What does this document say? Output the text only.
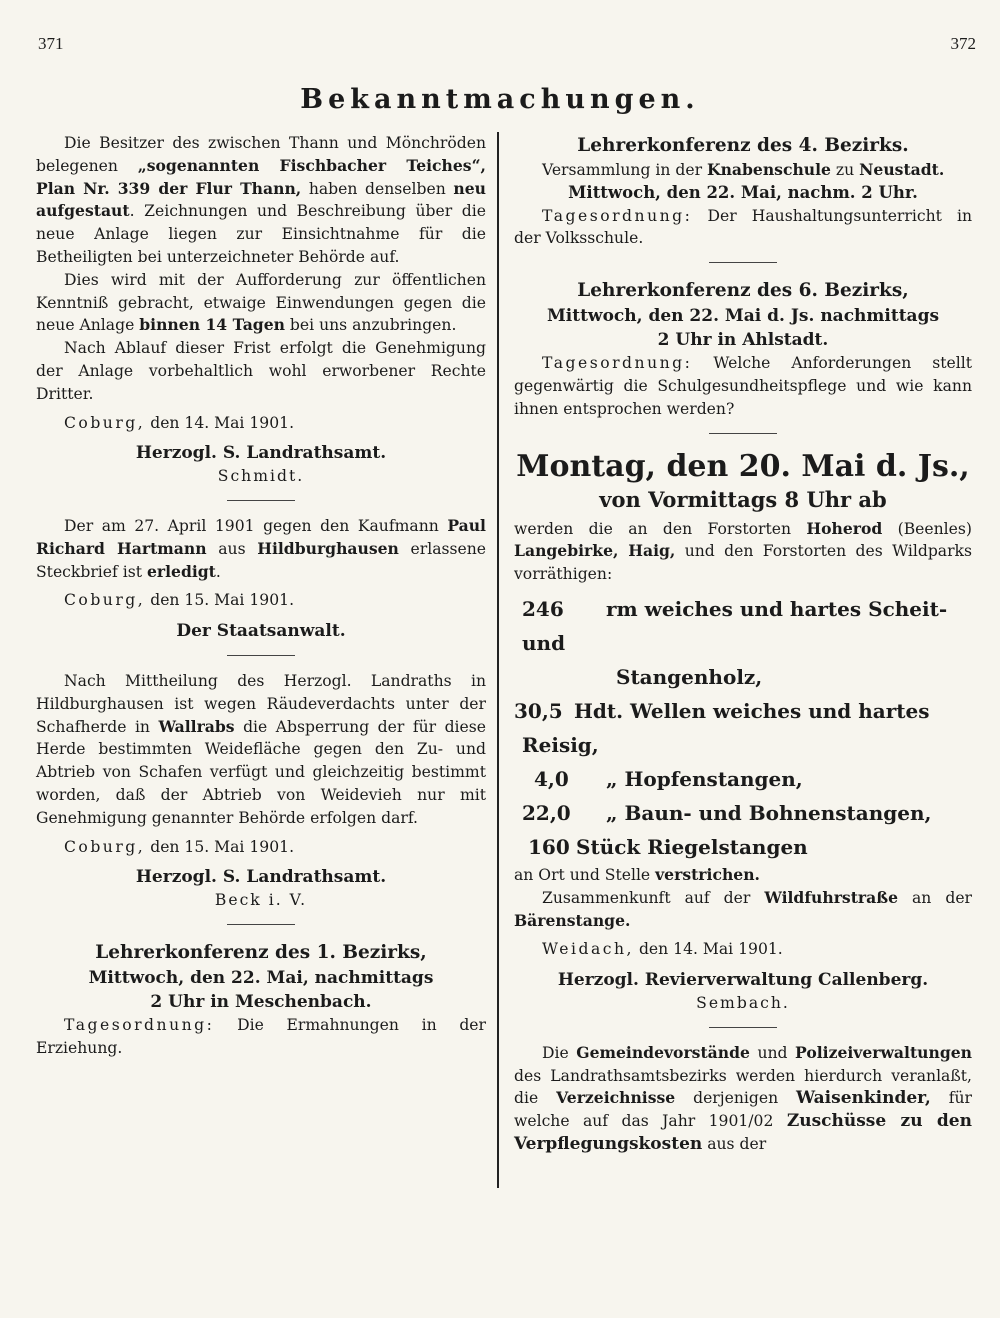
371	372
Bekanntmachungen.

Die Besitzer des zwischen Thann und Mönchröden belegenen „sogenannten Fischbacher Teiches“, Plan Nr. 339 der Flur Thann, haben denselben neu aufgestaut. Zeichnungen und Beschreibung über die neue Anlage liegen zur Einsichtnahme für die Betheiligten bei unterzeichneter Behörde auf.

Dies wird mit der Aufforderung zur öffentlichen Kenntniß gebracht, etwaige Einwendungen gegen die neue Anlage binnen 14 Tagen bei uns anzubringen.

Nach Ablauf dieser Frist erfolgt die Genehmigung der Anlage vorbehaltlich wohl erworbener Rechte Dritter.

Coburg, den 14. Mai 1901.

Herzogl. S. Landrathsamt.

Schmidt.

Der am 27. April 1901 gegen den Kaufmann Paul Richard Hartmann aus Hildburghausen erlassene Steckbrief ist erledigt.

Coburg, den 15. Mai 1901.

Der Staatsanwalt.

Nach Mittheilung des Herzogl. Landraths in Hildburghausen ist wegen Räudeverdachts unter der Schafherde in Wallrabs die Absperrung der für diese Herde bestimmten Weidefläche gegen den Zu- und Abtrieb von Schafen verfügt und gleichzeitig bestimmt worden, daß der Abtrieb von Weidevieh nur mit Genehmigung genannter Behörde erfolgen darf.

Coburg, den 15. Mai 1901.

Herzogl. S. Landrathsamt.

Beck i. V.

Lehrerkonferenz des 1. Bezirks,

Mittwoch, den 22. Mai, nachmittags

2 Uhr in Meschenbach.

Tagesordnung: Die Ermahnungen in der Erziehung.

Lehrerkonferenz des 4. Bezirks.

Versammlung in der Knabenschule zu Neustadt.

Mittwoch, den 22. Mai, nachm. 2 Uhr.

Tagesordnung: Der Haushaltungsunterricht in der Volksschule.

Lehrerkonferenz des 6. Bezirks,

Mittwoch, den 22. Mai d. Js. nachmittags

2 Uhr in Ahlstadt.

Tagesordnung: Welche Anforderungen stellt gegenwärtig die Schulgesundheitspflege und wie kann ihnen entsprochen werden?

Montag, den 20. Mai d. Js.,

von Vormittags 8 Uhr ab

werden die an den Forstorten Hoherod (Beenles) Langebirke, Haig, und den Forstorten des Wildparks vorräthigen:

246 rm weiches und hartes Scheit- und
Stangenholz,
30,5 Hdt. Wellen weiches und hartes Reisig,
4,0 „ Hopfenstangen,
22,0 „ Baun- und Bohnenstangen,
160 Stück Riegelstangen

an Ort und Stelle verstrichen.

Zusammenkunft auf der Wildfuhrstraße an der Bärenstange.

Weidach, den 14. Mai 1901.

Herzogl. Revierverwaltung Callenberg.

Sembach.

Die Gemeindevorstände und Polizeiverwaltungen des Landrathsamtsbezirks werden hierdurch veranlaßt, die Verzeichnisse derjenigen Waisenkinder, für welche auf das Jahr 1901/02 Zuschüsse zu den Verpflegungskosten aus der
